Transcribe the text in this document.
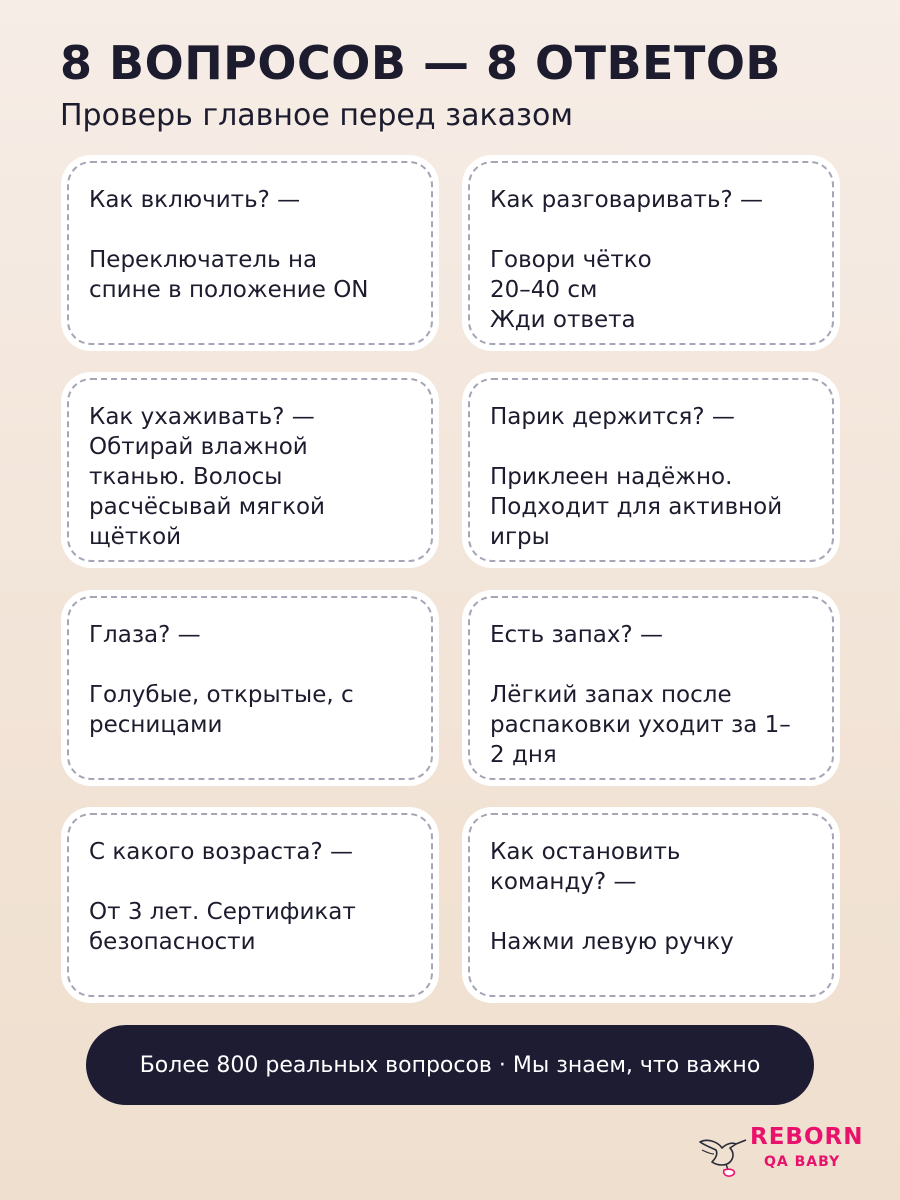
8 ВОПРОСОВ — 8 ОТВЕТОВ
Проверь главное перед заказом

Как включить? —

Переключатель на
спине в положение ON

Как разговаривать? —

Говори чётко
20–40 см
Жди ответа

Как ухаживать? —

Обтирай влажной
тканью. Волосы
расчёсывай мягкой
щёткой

Парик держится? —

Приклеен надёжно.
Подходит для активной
игры

Глаза? —

Голубые, открытые, с
ресницами

Есть запах? —

Лёгкий запах после
распаковки уходит за 1–
2 дня

С какого возраста? —

От 3 лет. Сертификат
безопасности

Как остановить
команду? —

Нажми левую ручку

Более 800 реальных вопросов · Мы знаем, что важно
REBORN
QA BABY
